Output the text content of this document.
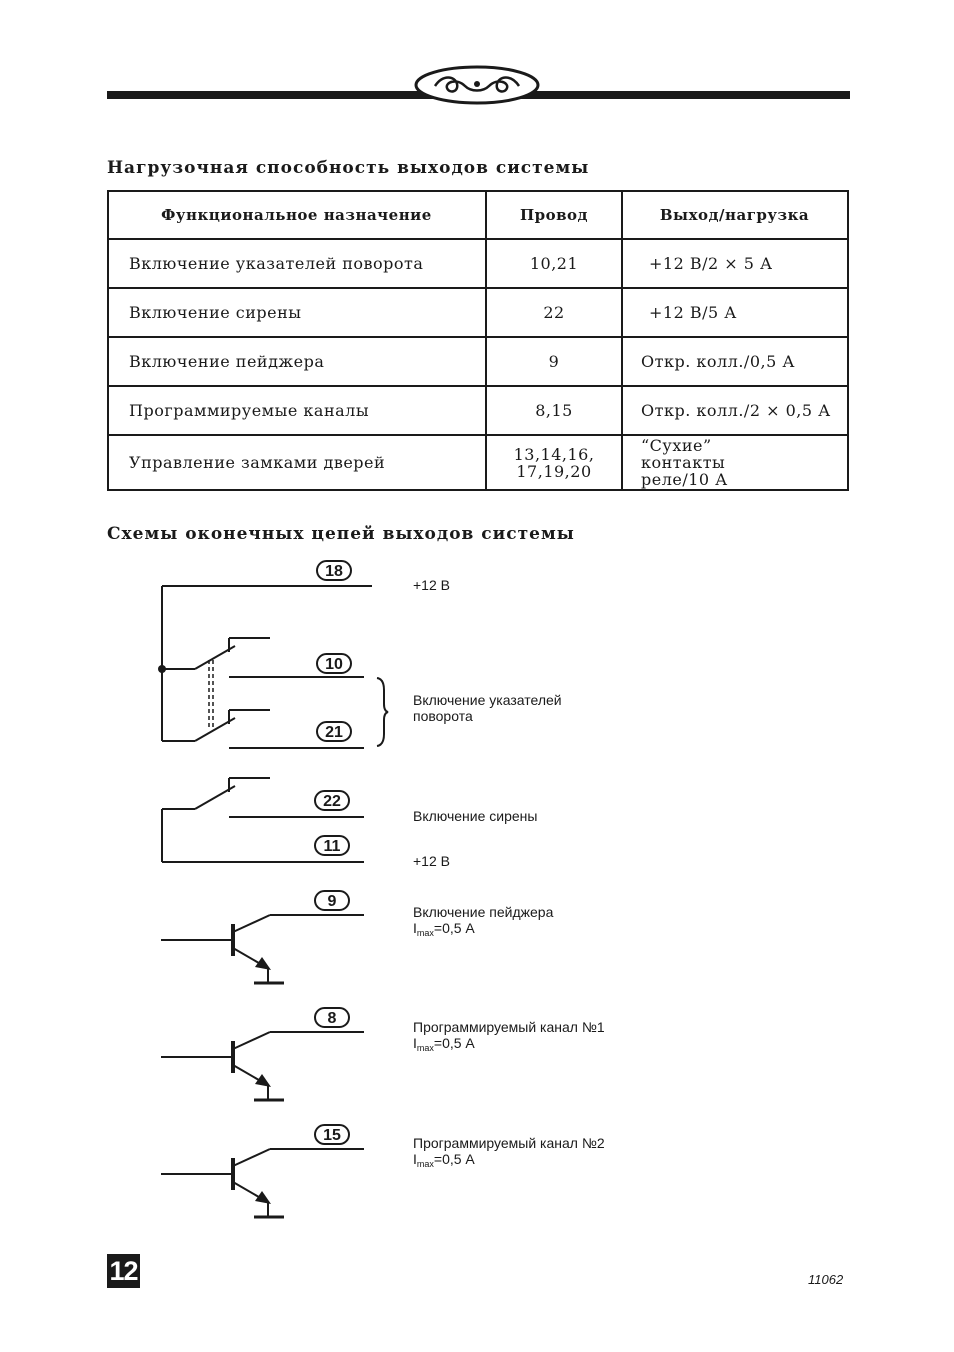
Нагрузочная способность выходов системы
Функциональное назначение	Провод	Выход/нагрузка
Включение указателей поворота	10,21	+12 В/2 × 5 А
Включение сирены	22	+12 В/5 А
Включение пейджера	9	Откр. колл./0,5 А
Программируемые каналы	8,15	Откр. колл./2 × 0,5 А
Управление замками дверей	13,14,16, 17,19,20	“Сухие” контакты реле/10 А
Схемы оконечных цепей выходов системы
18
10
21
22
11
9
8
15
+12 В
Включение указателей
поворота
Включение сирены
+12 В
Включение пейджера
$I_{max}=0,5$ А
Программируемый канал №1
$I_{max}=0,5$ А
Программируемый канал №2
$I_{max}=0,5$ А
12	11062
